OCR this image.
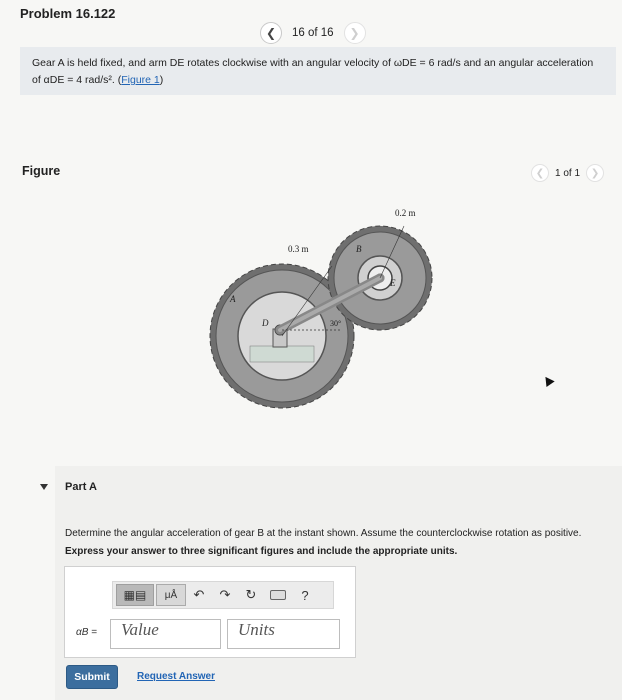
Problem 16.122
❮	16 of 16	❯
Gear A is held fixed, and arm DE rotates clockwise with an angular velocity of ωDE = 6 rad/s and an angular acceleration of αDE = 4 rad/s². (Figure 1)
Figure	❮	1 of 1	❯
0.2 m
0.3 m	B
A
D
E
30°
Part A
Determine the angular acceleration of gear B at the instant shown. Assume the counterclockwise rotation as positive.
Express your answer to three significant figures and include the appropriate units.
▦▤	μÅ	↶	↷	↻	?
αB =	Value	Units
Submit	Request Answer
